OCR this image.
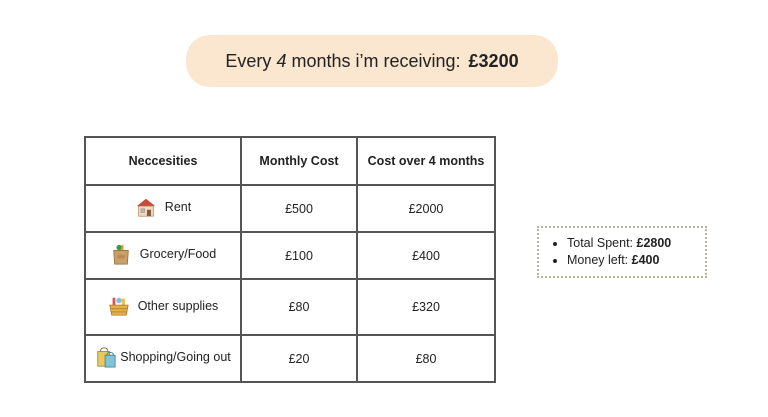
Every
4
months i’m receiving: £3200
Neccesities	Monthly Cost	Cost over 4 months

Rent	£500	£2000

Grocery/Food	£100	£400

Other supplies	£80	£320

Shopping/Going out	£20	£80
• Total Spent: £2800
• Money left: £400
